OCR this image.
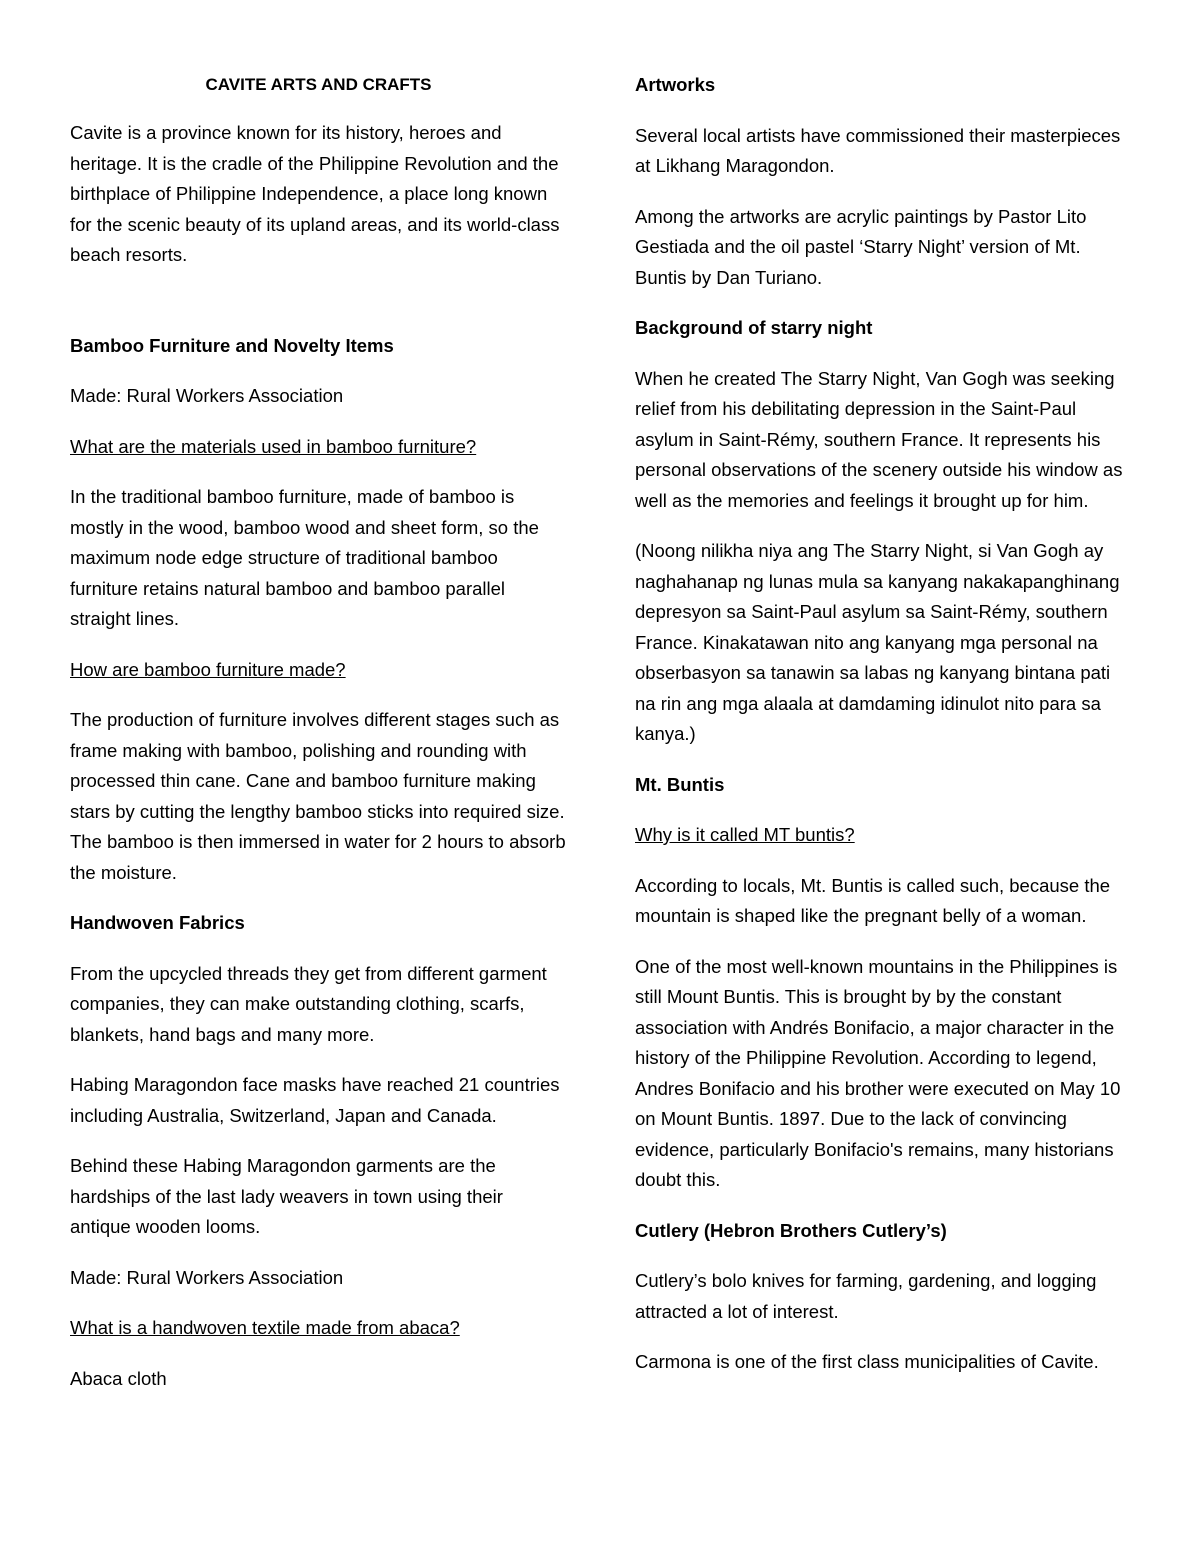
CAVITE ARTS AND CRAFTS

Cavite is a province known for its history, heroes and heritage. It is the cradle of the Philippine Revolution and the birthplace of Philippine Independence, a place long known for the scenic beauty of its upland areas, and its world-class beach resorts.

Bamboo Furniture and Novelty Items

Made: Rural Workers Association

What are the materials used in bamboo furniture?

In the traditional bamboo furniture, made of bamboo is mostly in the wood, bamboo wood and sheet form, so the maximum node edge structure of traditional bamboo furniture retains natural bamboo and bamboo parallel straight lines.

How are bamboo furniture made?

The production of furniture involves different stages such as frame making with bamboo, polishing and rounding with processed thin cane. Cane and bamboo furniture making stars by cutting the lengthy bamboo sticks into required size. The bamboo is then immersed in water for 2 hours to absorb the moisture.

Handwoven Fabrics

From the upcycled threads they get from different garment companies, they can make outstanding clothing, scarfs, blankets, hand bags and many more.

Habing Maragondon face masks have reached 21 countries including Australia, Switzerland, Japan and Canada.

Behind these Habing Maragondon garments are the hardships of the last lady weavers in town using their antique wooden looms.

Made: Rural Workers Association

What is a handwoven textile made from abaca?

Abaca cloth

Artworks

Several local artists have commissioned their masterpieces at Likhang Maragondon.

Among the artworks are acrylic paintings by Pastor Lito Gestiada and the oil pastel ‘Starry Night’ version of Mt. Buntis by Dan Turiano.

Background of starry night

When he created The Starry Night, Van Gogh was seeking relief from his debilitating depression in the Saint-Paul asylum in Saint-Rémy, southern France. It represents his personal observations of the scenery outside his window as well as the memories and feelings it brought up for him.

(Noong nilikha niya ang The Starry Night, si Van Gogh ay naghahanap ng lunas mula sa kanyang nakakapanghinang depresyon sa Saint-Paul asylum sa Saint-Rémy, southern France. Kinakatawan nito ang kanyang mga personal na obserbasyon sa tanawin sa labas ng kanyang bintana pati na rin ang mga alaala at damdaming idinulot nito para sa kanya.)

Mt. Buntis

Why is it called MT buntis?

According to locals, Mt. Buntis is called such, because the mountain is shaped like the pregnant belly of a woman.

One of the most well-known mountains in the Philippines is still Mount Buntis. This is brought by by the constant association with Andrés Bonifacio, a major character in the history of the Philippine Revolution. According to legend, Andres Bonifacio and his brother were executed on May 10 on Mount Buntis. 1897. Due to the lack of convincing evidence, particularly Bonifacio's remains, many historians doubt this.

Cutlery (Hebron Brothers Cutlery’s)

Cutlery’s bolo knives for farming, gardening, and logging attracted a lot of interest.

Carmona is one of the first class municipalities of Cavite.
